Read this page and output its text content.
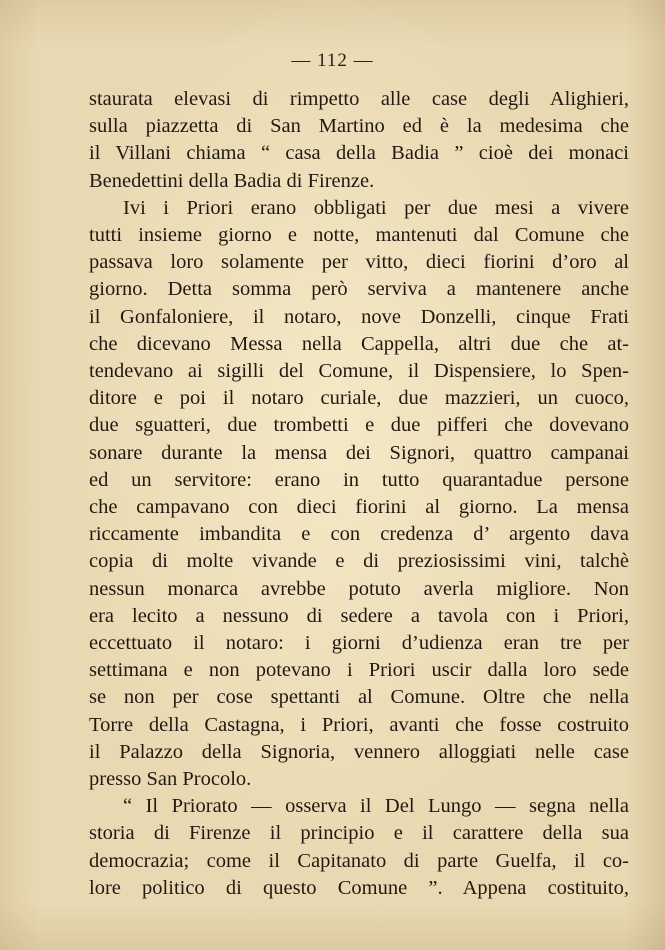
— 112 —
staurata elevasi di rimpetto alle case degli Alighieri,
sulla piazzetta di San Martino ed è la medesima che
il Villani chiama “ casa della Badia ” cioè dei monaci
Benedettini della Badia di Firenze.
Ivi i Priori erano obbligati per due mesi a vivere
tutti insieme giorno e notte, mantenuti dal Comune che
passava loro solamente per vitto, dieci fiorini d’oro al
giorno. Detta somma però serviva a mantenere anche
il Gonfaloniere, il notaro, nove Donzelli, cinque Frati
che dicevano Messa nella Cappella, altri due che at-
tendevano ai sigilli del Comune, il Dispensiere, lo Spen-
ditore e poi il notaro curiale, due mazzieri, un cuoco,
due sguatteri, due trombetti e due pifferi che dovevano
sonare durante la mensa dei Signori, quattro campanai
ed un servitore: erano in tutto quarantadue persone
che campavano con dieci fiorini al giorno. La mensa
riccamente imbandita e con credenza d’ argento dava
copia di molte vivande e di preziosissimi vini, talchè
nessun monarca avrebbe potuto averla migliore. Non
era lecito a nessuno di sedere a tavola con i Priori,
eccettuato il notaro: i giorni d’udienza eran tre per
settimana e non potevano i Priori uscir dalla loro sede
se non per cose spettanti al Comune. Oltre che nella
Torre della Castagna, i Priori, avanti che fosse costruito
il Palazzo della Signoria, vennero alloggiati nelle case
presso San Procolo.
“ Il Priorato — osserva il Del Lungo — segna nella
storia di Firenze il principio e il carattere della sua
democrazia; come il Capitanato di parte Guelfa, il co-
lore politico di questo Comune ”. Appena costituito,
